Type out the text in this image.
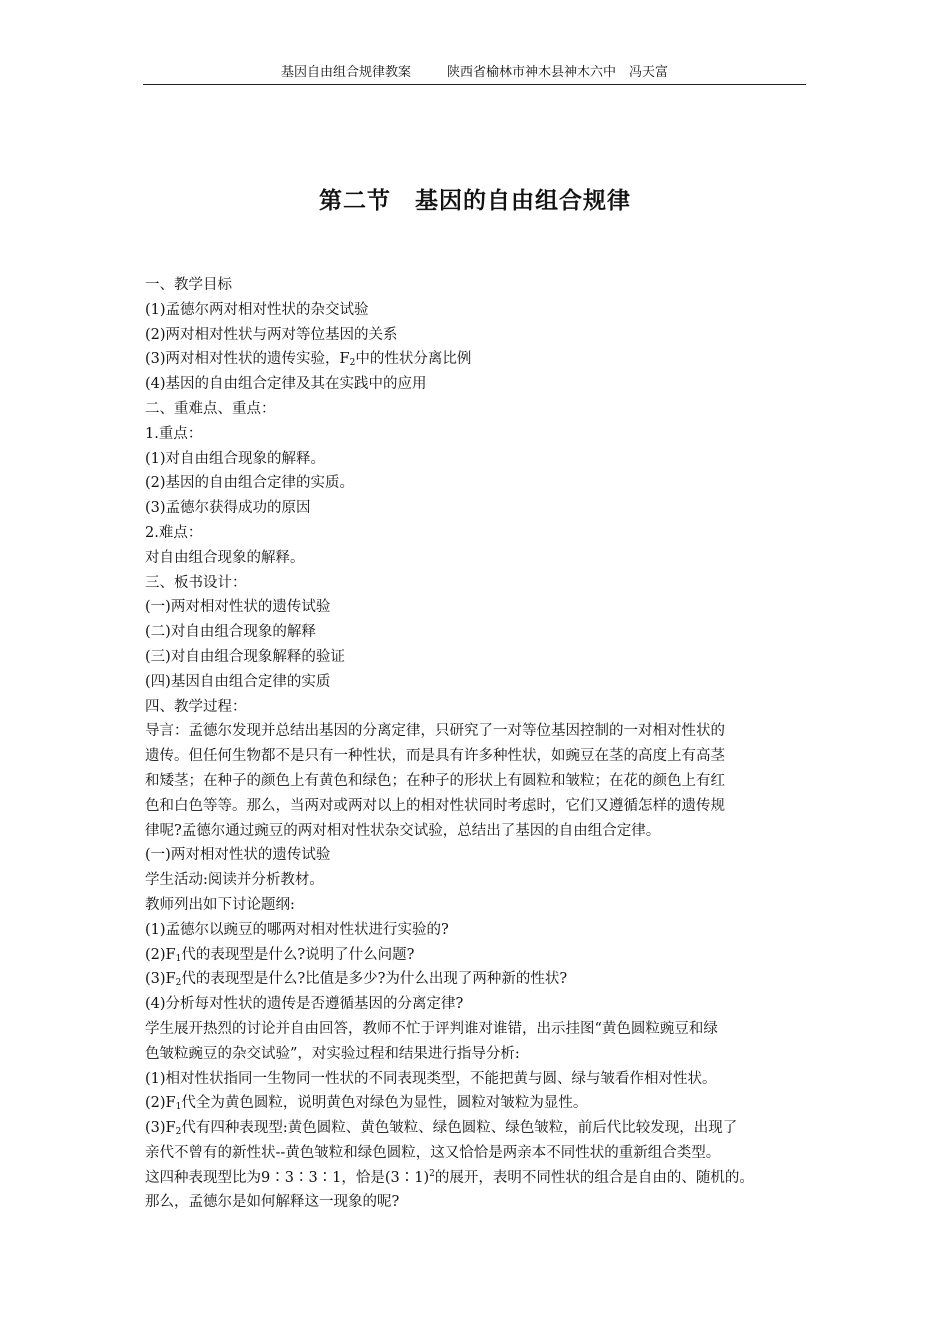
基因自由组合规律教案	陕西省榆林市神木县神木六中　冯天富
第二节　基因的自由组合规律
一、教学目标
(1)孟德尔两对相对性状的杂交试验
(2)两对相对性状与两对等位基因的关系
(3)两对相对性状的遗传实验，$F_2$中的性状分离比例
(4)基因的自由组合定律及其在实践中的应用
二、重难点、重点：
1.重点：
(1)对自由组合现象的解释。
(2)基因的自由组合定律的实质。
(3)孟德尔获得成功的原因
2.难点：
对自由组合现象的解释。
三、板书设计：
(一)两对相对性状的遗传试验
(二)对自由组合现象的解释
(三)对自由组合现象解释的验证
(四)基因自由组合定律的实质
四、教学过程：
导言：孟德尔发现并总结出基因的分离定律，只研究了一对等位基因控制的一对相对性状的
遗传。但任何生物都不是只有一种性状，而是具有许多种性状，如豌豆在茎的高度上有高茎
和矮茎；在种子的颜色上有黄色和绿色；在种子的形状上有圆粒和皱粒；在花的颜色上有红
色和白色等等。那么，当两对或两对以上的相对性状同时考虑时，它们又遵循怎样的遗传规
律呢?孟德尔通过豌豆的两对相对性状杂交试验，总结出了基因的自由组合定律。
(一)两对相对性状的遗传试验
学生活动:阅读并分析教材。
教师列出如下讨论题纲:
(1)孟德尔以豌豆的哪两对相对性状进行实验的?
$(2)F_1$代的表现型是什么?说明了什么问题?
$(3)F_2$代的表现型是什么?比值是多少?为什么出现了两种新的性状?
(4)分析每对性状的遗传是否遵循基因的分离定律?
学生展开热烈的讨论并自由回答，教师不忙于评判谁对谁错，出示挂图“黄色圆粒豌豆和绿
色皱粒豌豆的杂交试验”，对实验过程和结果进行指导分析:
(1)相对性状指同一生物同一性状的不同表现类型，不能把黄与圆、绿与皱看作相对性状。
$(2)F_1$代全为黄色圆粒，说明黄色对绿色为显性，圆粒对皱粒为显性。
$(3)F_2$代有四种表现型:黄色圆粒、黄色皱粒、绿色圆粒、绿色皱粒，前后代比较发现，出现了
亲代不曾有的新性状--黄色皱粒和绿色圆粒，这又恰恰是两亲本不同性状的重新组合类型。
这四种表现型比为9∶3∶3∶1，恰是(3∶1)$^2$的展开，表明不同性状的组合是自由的、随机的。
那么，孟德尔是如何解释这一现象的呢?
